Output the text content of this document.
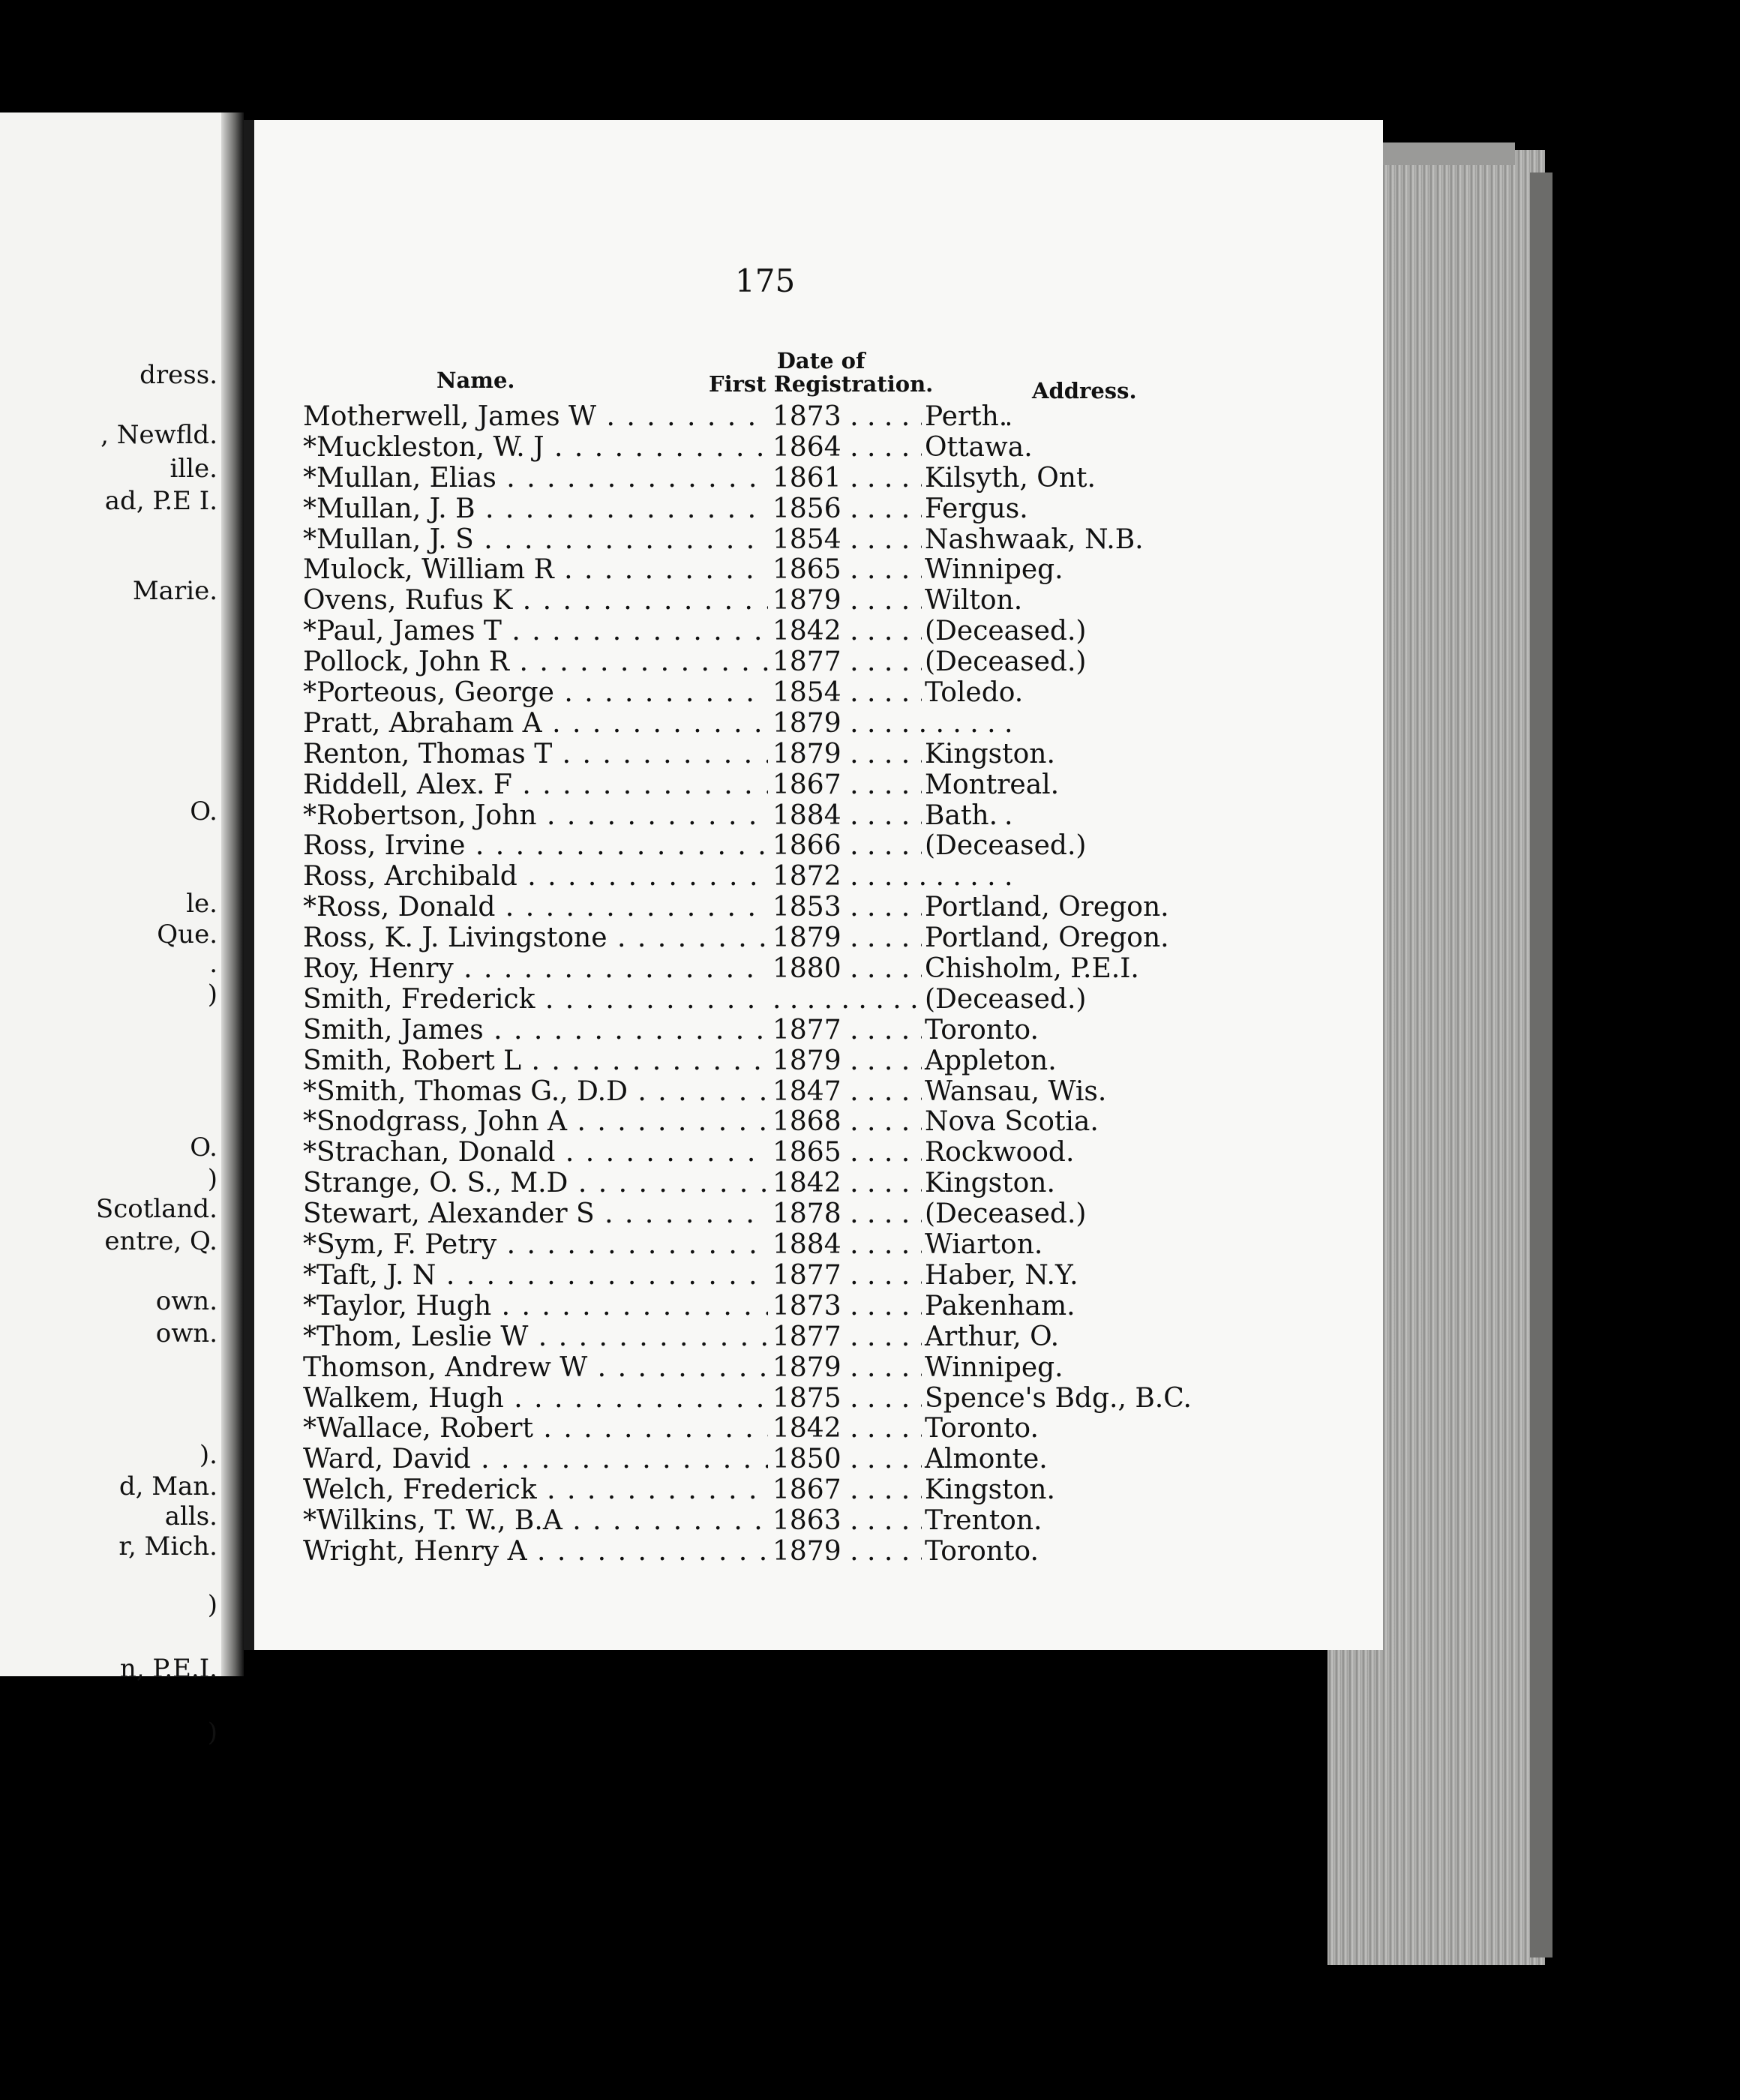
dress.
, Newfld.
ille.
ad, P.E I.
Marie.
O.
le.
Que.
.
)
O.
)
Scotland.
entre, Q.
own.
own.
).
d, Man.
alls.
r, Mich.
)
n, P.E.I.
)
175
Name.
Date of
First Registration.	Address.
Motherwell, James W . . .	1873 . . .	Perth.
*Muckleston, W. J . . .	1864 . . .	Ottawa.
*Mullan, Elias . . .	1861 . . .	Kilsyth, Ont.
*Mullan, J. B . . .	1856 . . .	Fergus.
*Mullan, J. S . . .	1854 . . .	Nashwaak, N.B.
Mulock, William R . . .	1865 . . .	Winnipeg.
Ovens, Rufus K . . .	1879 . . .	Wilton.
*Paul, James T . . .	1842 . . .	(Deceased.)
Pollock, John R . . .	1877 . . .	(Deceased.)
*Porteous, George . . .	1854 . . .	Toledo.
Pratt, Abraham A . . .	1879 . . .
Renton, Thomas T . . .	1879 . . .	Kingston.
Riddell, Alex. F . . .	1867 . . .	Montreal.
*Robertson, John . . .	1884 . . .	Bath.
Ross, Irvine . . .	1866 . . .	(Deceased.)
Ross, Archibald . . .	1872 . . .
*Ross, Donald . . .	1853 . . .	Portland, Oregon.
Ross, K. J. Livingstone . . .	1879 . . .	Portland, Oregon.
Roy, Henry . . .	1880 . . .	Chisholm, P.E.I.
Smith, Frederick . . .
. . .	(Deceased.)
Smith, James . . .	1877 . . .	Toronto.
Smith, Robert L . . .	1879 . . .	Appleton.
*Smith, Thomas G., D.D . . .	1847 . . .	Wansau, Wis.
*Snodgrass, John A . . .	1868 . . .	Nova Scotia.
*Strachan, Donald . . .	1865 . . .	Rockwood.
Strange, O. S., M.D . . .	1842 . . .	Kingston.
Stewart, Alexander S . . .	1878 . . .	(Deceased.)
*Sym, F. Petry . . .	1884 . . .	Wiarton.
*Taft, J. N . . .	1877 . . .	Haber, N.Y.
*Taylor, Hugh . . .	1873 . . .	Pakenham.
*Thom, Leslie W . . .	1877 . . .	Arthur, O.
Thomson, Andrew W . . .	1879 . . .	Winnipeg.
Walkem, Hugh . . .	1875 . . .	Spence's Bdg., B.C.
*Wallace, Robert . . .	1842 . . .	Toronto.
Ward, David . . .	1850 . . .	Almonte.
Welch, Frederick . . .	1867 . . .	Kingston.
*Wilkins, T. W., B.A . . .	1863 . . .	Trenton.
Wright, Henry A . . .	1879 . . .	Toronto.
